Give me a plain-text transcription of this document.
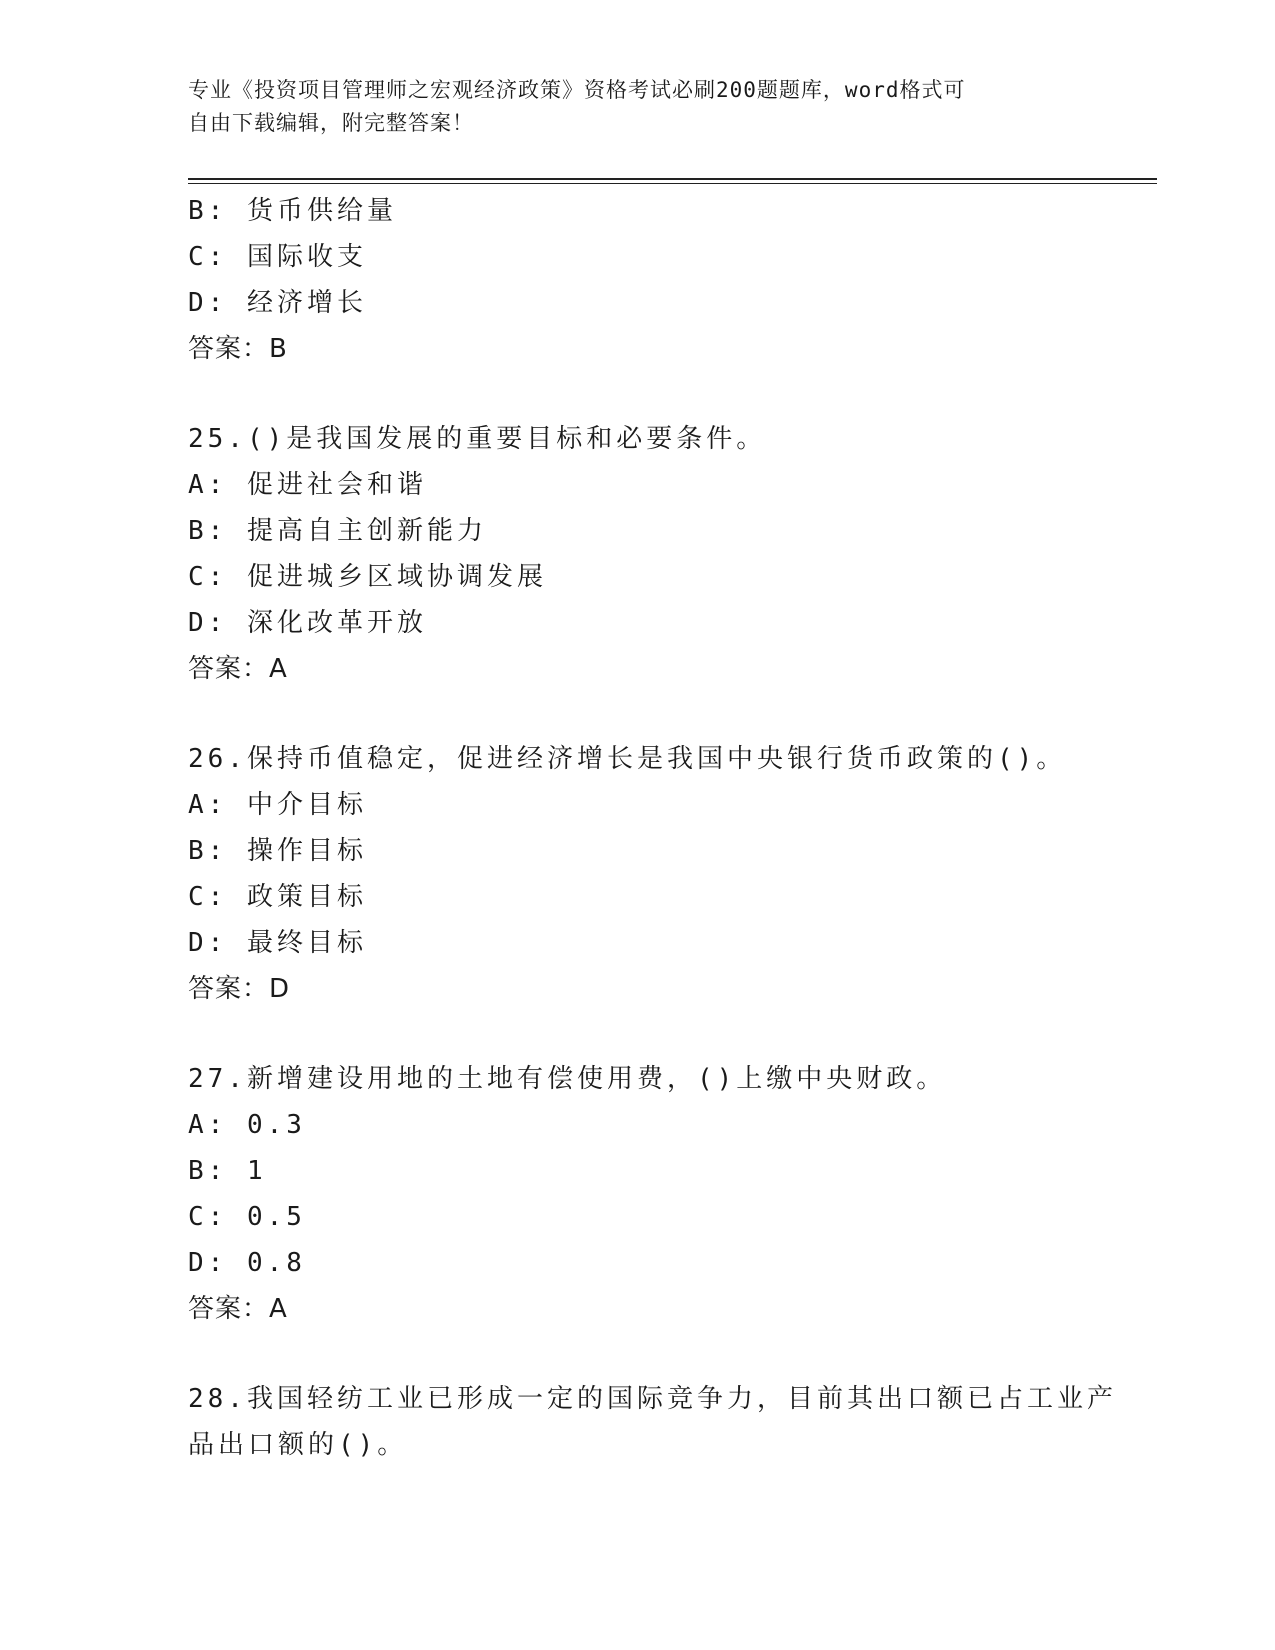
专业《投资项目管理师之宏观经济政策》资格考试必刷200题题库，word格式可
自由下载编辑，附完整答案！
B: 货币供给量
C: 国际收支
D: 经济增长
答案：B
25.()是我国发展的重要目标和必要条件。
A: 促进社会和谐
B: 提高自主创新能力
C: 促进城乡区域协调发展
D: 深化改革开放
答案：A
26.保持币值稳定，促进经济增长是我国中央银行货币政策的()。
A: 中介目标
B: 操作目标
C: 政策目标
D: 最终目标
答案：D
27.新增建设用地的土地有偿使用费，()上缴中央财政。
A: 0.3
B: 1
C: 0.5
D: 0.8
答案：A
28.我国轻纺工业已形成一定的国际竞争力，目前其出口额已占工业产
品出口额的()。
